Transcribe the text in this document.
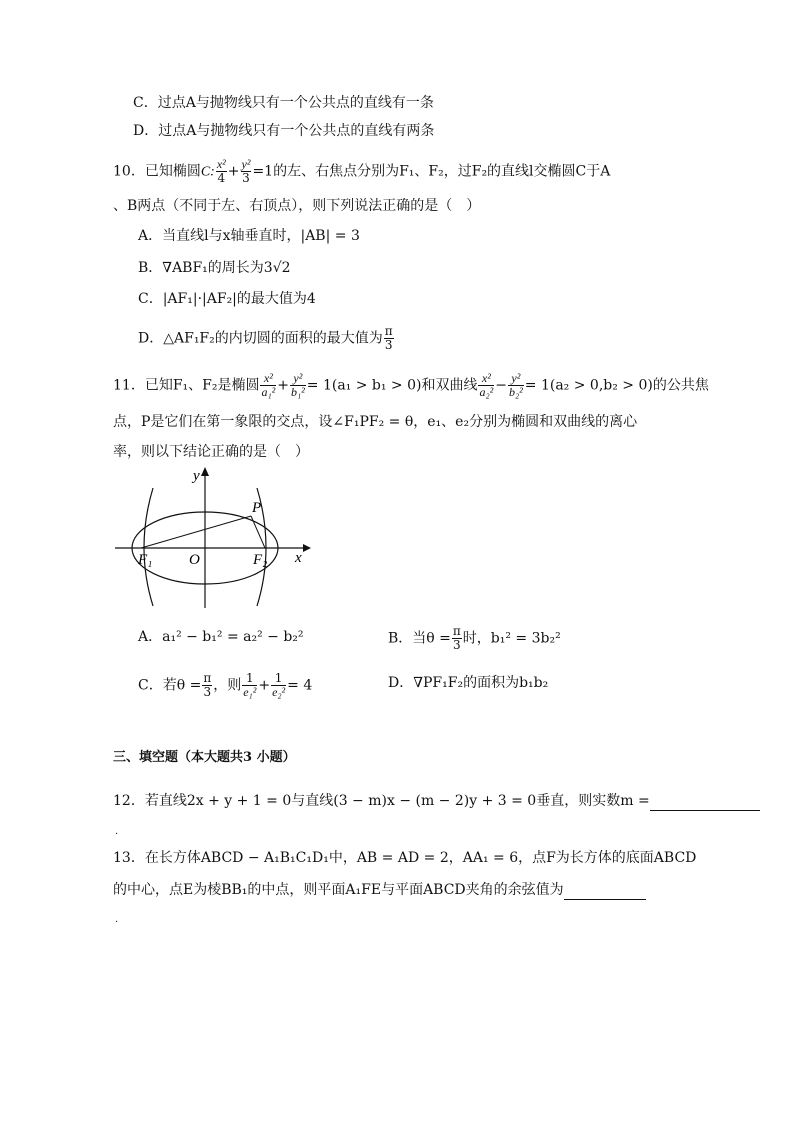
C．过点A与抛物线只有一个公共点的直线有一条
D．过点A与抛物线只有一个公共点的直线有两条
10．已知椭圆C: $\frac{\text{x²}}{4} + \frac{\text{y²}}{3} =1$的左、右焦点分别为F₁、F₂，过F₂的直线l交椭圆C于A
、B两点（不同于左、右顶点），则下列说法正确的是（　）
A．当直线l与x轴垂直时，|AB| = 3
B．∇ABF₁的周长为3√2
C．|AF₁|·|AF₂|的最大值为4
D．△AF₁F₂的内切圆的面积的最大值为 $\frac{\pi}{3}$
11．已知F₁、F₂是椭圆 $\frac{\text{x²}}{\text{a₁²}} + \frac{\text{y²}}{\text{b₁²}} = 1(a_1 > b_1 > 0)$和双曲线 $\frac{\text{x²}}{\text{a₂²}} - \frac{\text{y²}}{\text{b₂²}} = 1(a_2 > 0,b_2 > 0)$的公共焦
点，P是它们在第一象限的交点，设∠F₁PF₂ = θ，e₁、e₂分别为椭圆和双曲线的离心
率，则以下结论正确的是（　）
y
x
P
F₁ O	F₂
A．a₁² − b₁² = a₂² − b₂²	B．当$\theta = \frac{\pi}{3}$ 时，b₁² = 3b₂²
C．若$\theta = \frac{\pi}{3}$ ，则 $\frac{1}{\text{e₁²}} + \frac{1}{\text{e₂²}} = 4$	D．∇PF₁F₂的面积为b₁b₂
三、填空题（本大题共3 小题）
12．若直线2x + y + 1 = 0与直线(3 − m)x − (m − 2)y + 3 = 0垂直，则实数m =
.
13．在长方体ABCD − A₁B₁C₁D₁中，AB = AD = 2，AA₁ = 6，点F为长方体的底面ABCD
的中心，点E为棱BB₁的中点，则平面A₁FE与平面ABCD夹角的余弦值为
.
